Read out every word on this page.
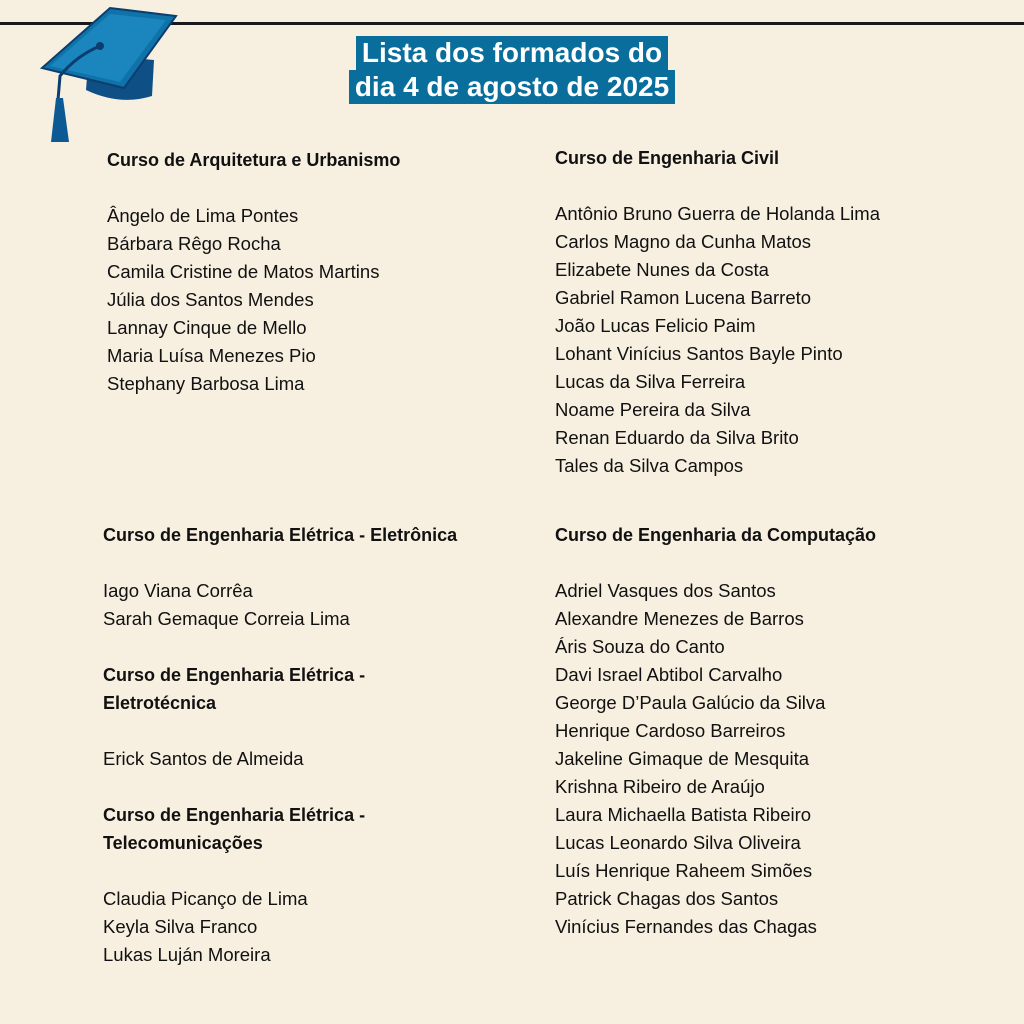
Lista dos formados do
dia 4 de agosto de 2025
Curso de Arquitetura e Urbanismo
Ângelo de Lima Pontes
Bárbara Rêgo Rocha
Camila Cristine de Matos Martins
Júlia dos Santos Mendes
Lannay Cinque de Mello
Maria Luísa Menezes Pio
Stephany Barbosa Lima
Curso de Engenharia Civil
Antônio Bruno Guerra de Holanda Lima
Carlos Magno da Cunha Matos
Elizabete Nunes da Costa
Gabriel Ramon Lucena Barreto
João Lucas Felicio Paim
Lohant Vinícius Santos Bayle Pinto
Lucas da Silva Ferreira
Noame Pereira da Silva
Renan Eduardo da Silva Brito
Tales da Silva Campos
Curso de Engenharia Elétrica - Eletrônica
Iago Viana Corrêa
Sarah Gemaque Correia Lima
Curso de Engenharia Elétrica -
Eletrotécnica
Erick Santos de Almeida
Curso de Engenharia Elétrica -
Telecomunicações
Claudia Picanço de Lima
Keyla Silva Franco
Lukas Luján Moreira
Curso de Engenharia da Computação
Adriel Vasques dos Santos
Alexandre Menezes de Barros
Áris Souza do Canto
Davi Israel Abtibol Carvalho
George D’Paula Galúcio da Silva
Henrique Cardoso Barreiros
Jakeline Gimaque de Mesquita
Krishna Ribeiro de Araújo
Laura Michaella Batista Ribeiro
Lucas Leonardo Silva Oliveira
Luís Henrique Raheem Simões
Patrick Chagas dos Santos
Vinícius Fernandes das Chagas
